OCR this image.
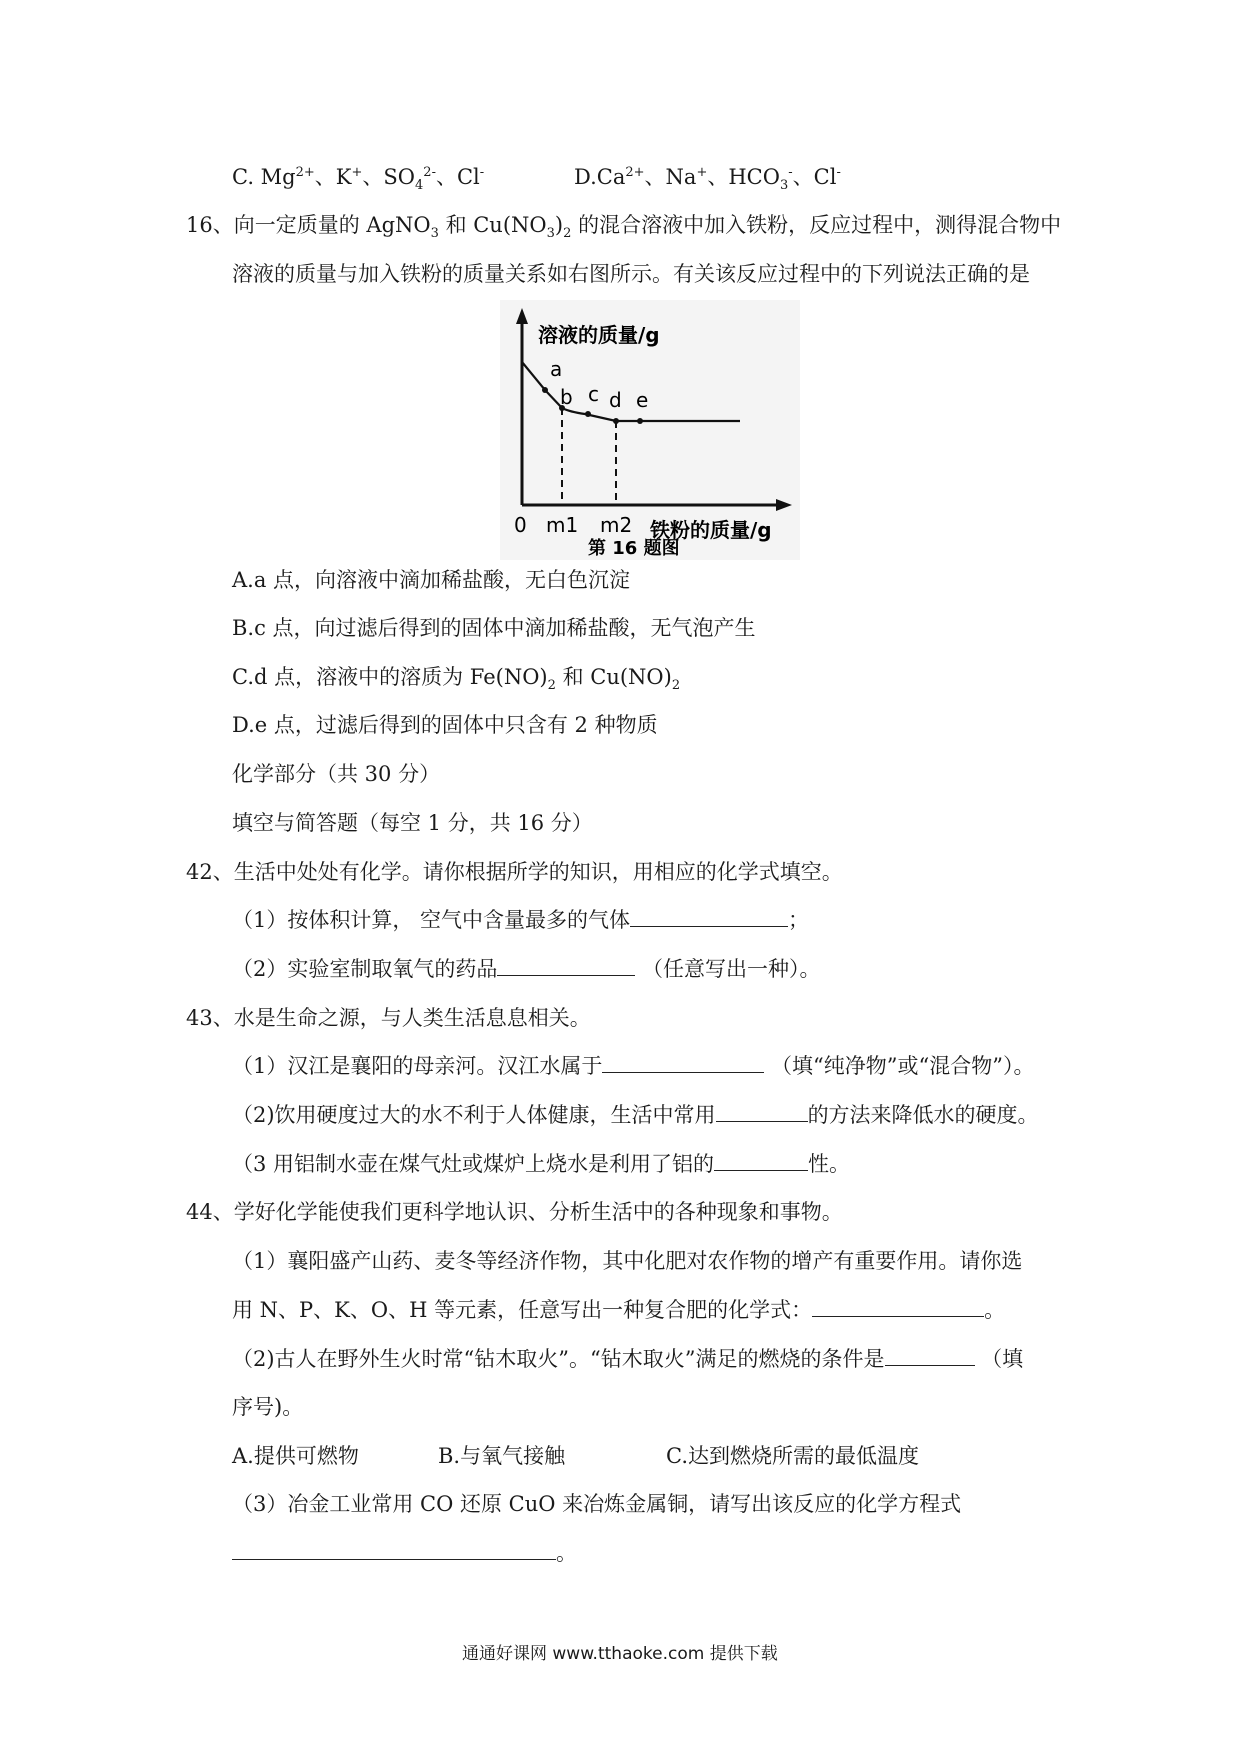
C. $Mg^{2+}$、K+、$SO_4^{2-}$、Cl-	$D.Ca^{2+}$、Na+、$HCO_3^-$、Cl-
16、向一定质量的 AgNO$_3$ 和 $Cu(NO_3)_2$ 的混合溶液中加入铁粉，反应过程中，测得混合物中
溶液的质量与加入铁粉的质量关系如右图所示。有关该反应过程中的下列说法正确的是
溶液的质量/g
a
b c d e
0 m1 m2 铁粉的质量/g
第 16 题图
A.a 点，向溶液中滴加稀盐酸，无白色沉淀
B.c 点，向过滤后得到的固体中滴加稀盐酸，无气泡产生
C.d 点，溶液中的溶质为 $Fe(NO)_2$ 和 $Cu(NO)_2$
D.e 点，过滤后得到的固体中只含有 2 种物质
化学部分（共 30 分）
填空与简答题（每空 1 分，共 16 分）
42、生活中处处有化学。请你根据所学的知识，用相应的化学式填空。
（1）按体积计算， 空气中含量最多的气体	；
（2）实验室制取氧气的药品	（任意写出一种）。
43、水是生命之源，与人类生活息息相关。
（1）汉江是襄阳的母亲河。汉江水属于	（填“纯净物”或“混合物”）。
（2)饮用硬度过大的水不利于人体健康，生活中常用	的方法来降低水的硬度。
（3 用铝制水壶在煤气灶或煤炉上烧水是利用了铝的	性。
44、学好化学能使我们更科学地认识、分析生活中的各种现象和事物。
（1）襄阳盛产山药、麦冬等经济作物，其中化肥对农作物的增产有重要作用。请你选
用 N、P、K、O、H 等元素，任意写出一种复合肥的化学式：	。
（2)古人在野外生火时常“钻木取火”。“钻木取火”满足的燃烧的条件是	（填
序号)。
A.提供可燃物	B.与氧气接触	C.达到燃烧所需的最低温度
（3）冶金工业常用 CO 还原 CuO 来冶炼金属铜，请写出该反应的化学方程式
。
通通好课网 www.tthaoke.com 提供下载
